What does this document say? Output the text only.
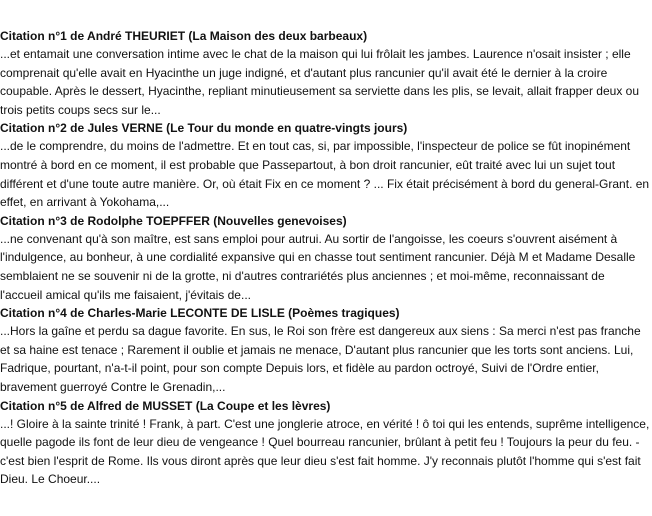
Citation n°1 de André THEURIET (La Maison des deux barbeaux)

...et entamait une conversation intime avec le chat de la maison qui lui frôlait les jambes. Laurence n'osait insister ; elle comprenait qu'elle avait en Hyacinthe un juge indigné, et d'autant plus rancunier qu'il avait été le dernier à la croire coupable. Après le dessert, Hyacinthe, repliant minutieusement sa serviette dans les plis, se levait, allait frapper deux ou trois petits coups secs sur le...

Citation n°2 de Jules VERNE (Le Tour du monde en quatre-vingts jours)

...de le comprendre, du moins de l'admettre. Et en tout cas, si, par impossible, l'inspecteur de police se fût inopinément montré à bord en ce moment, il est probable que Passepartout, à bon droit rancunier, eût traité avec lui un sujet tout différent et d'une toute autre manière. Or, où était Fix en ce moment ? ... Fix était précisément à bord du general-Grant. en effet, en arrivant à Yokohama,...

Citation n°3 de Rodolphe TOEPFFER (Nouvelles genevoises)

...ne convenant qu'à son maître, est sans emploi pour autrui. Au sortir de l'angoisse, les coeurs s'ouvrent aisément à l'indulgence, au bonheur, à une cordialité expansive qui en chasse tout sentiment rancunier. Déjà M et Madame Desalle semblaient ne se souvenir ni de la grotte, ni d'autres contrariétés plus anciennes ; et moi-même, reconnaissant de l'accueil amical qu'ils me faisaient, j'évitais de...

Citation n°4 de Charles-Marie LECONTE DE LISLE (Poèmes tragiques)

...Hors la gaîne et perdu sa dague favorite. En sus, le Roi son frère est dangereux aux siens : Sa merci n'est pas franche et sa haine est tenace ; Rarement il oublie et jamais ne menace, D'autant plus rancunier que les torts sont anciens. Lui, Fadrique, pourtant, n'a-t-il point, pour son compte Depuis lors, et fidèle au pardon octroyé, Suivi de l'Ordre entier, bravement guerroyé Contre le Grenadin,...

Citation n°5 de Alfred de MUSSET (La Coupe et les lèvres)

...! Gloire à la sainte trinité ! Frank, à part. C'est une jonglerie atroce, en vérité ! ô toi qui les entends, suprême intelligence, quelle pagode ils font de leur dieu de vengeance ! Quel bourreau rancunier, brûlant à petit feu ! Toujours la peur du feu. -c'est bien l'esprit de Rome. Ils vous diront après que leur dieu s'est fait homme. J'y reconnais plutôt l'homme qui s'est fait Dieu. Le Choeur....
